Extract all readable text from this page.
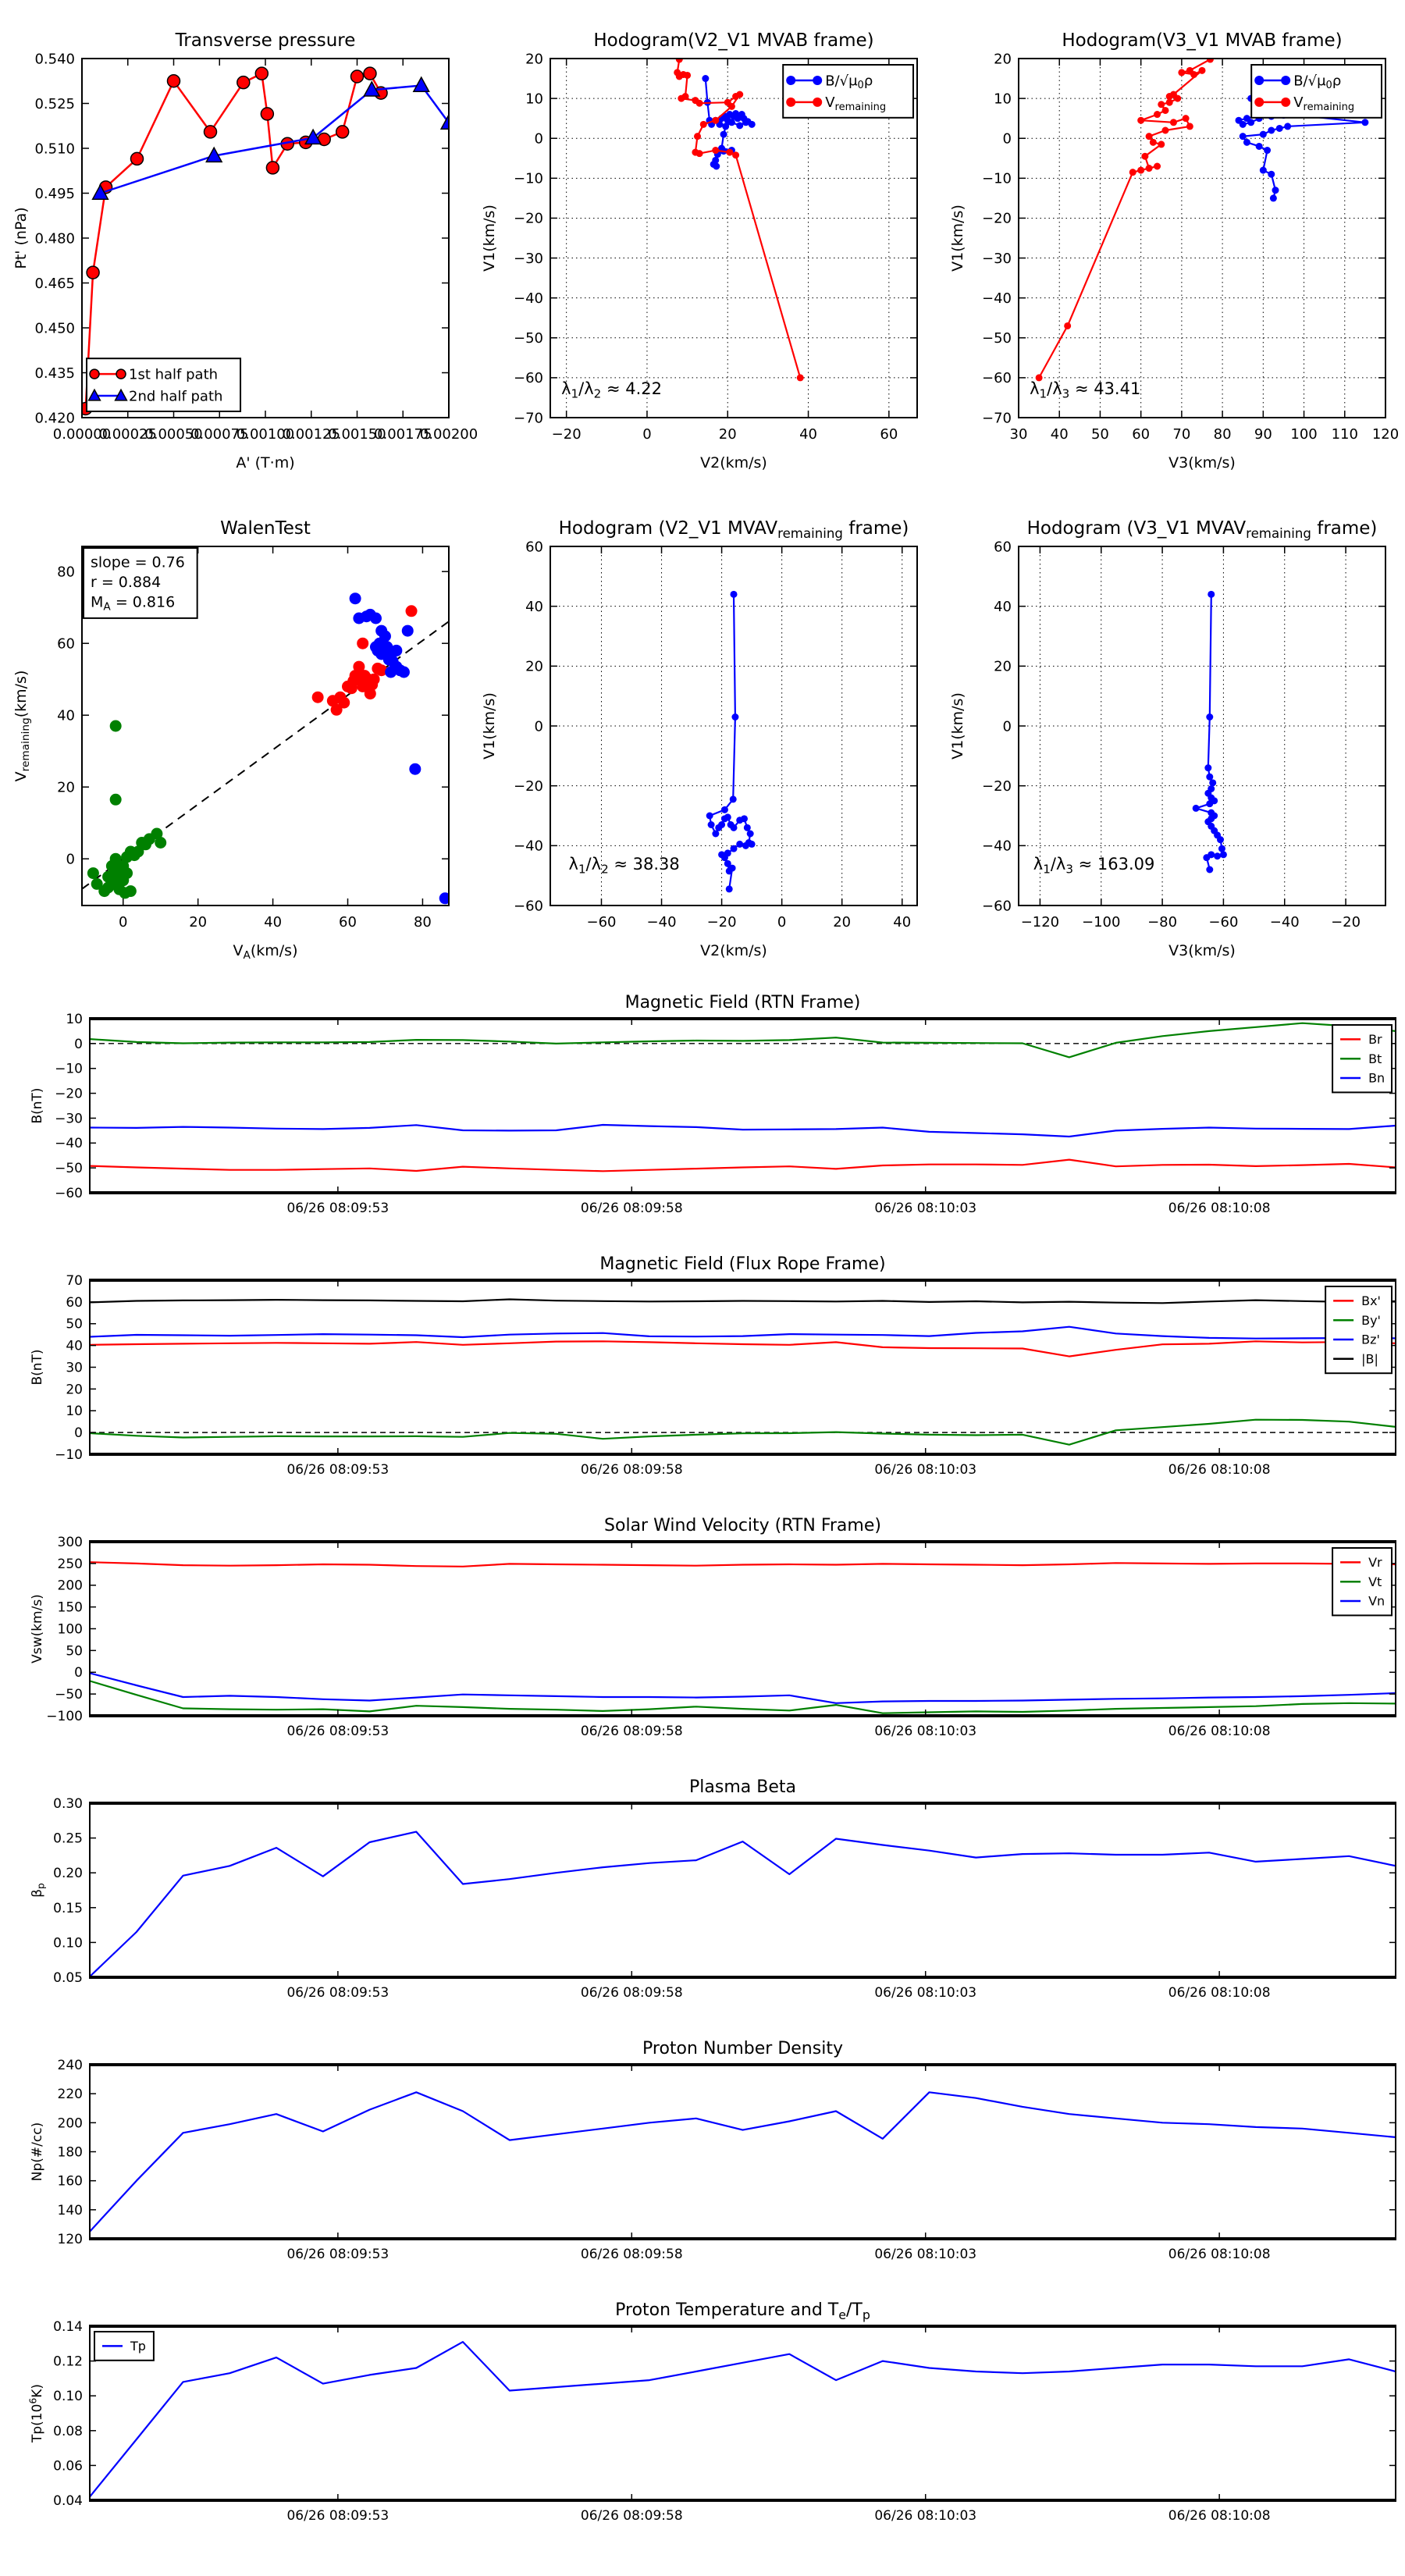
0.00000
0.00025
0.00050
0.00075
0.00100
0.00125
0.00150
0.00175
0.00200
0.420
0.435
0.450
0.465
0.480
0.495
0.510
0.525
0.540
Transverse pressure
A' (T·m)
Pt' (nPa)
1st half path
2nd half path
−20	0	20	40	60
20
10
0
−10
−20
−30
−40
−50
−60
−70
Hodogram(V2_V1 MVAB frame)
V2(km/s)
V1(km/s)
$B/√\mu_0\rho$
$V_{remaining}$
$\lambda_1/\lambda_2 \approx 4.22$
30 40 50 60 70 80 90 100 110 120
20
10
0
−10
−20
−30
−40
−50
−60
−70
Hodogram(V3_V1 MVAB frame)
V3(km/s)
V1(km/s)
$B/√\mu_0\rho$
$V_{remaining}$
$\lambda_1/\lambda_3 \approx 43.41$
0	20	40	60	80
0
20
40
60
80
WalenTest
$V_A(km/s)$
$V_{remaining}(km/s)$
slope = 0.76
r = 0.884
$M_A = 0.816$
−60 −40 −20	0	20	40
60
40
20
0
−20
−40
−60
Hodogram (V2_V1 $MVAV_{remaining}$ frame)
V2(km/s)
V1(km/s)
$\lambda_1/\lambda_2 \approx 38.38$
−120 −100 −80 −60 −40 −20
60
40
20
0
−20
−40
−60
Hodogram (V3_V1 $MVAV_{remaining}$ frame)
V3(km/s)
V1(km/s)
$\lambda_1/\lambda_3 \approx 163.09$
06/26 08:09:53	06/26 08:09:58	06/26 08:10:03	06/26 08:10:08
10
0
−10
−20
−30
−40
−50
−60
Magnetic Field (RTN Frame)
B(nT)
Br
Bt
Bn
06/26 08:09:53	06/26 08:09:58	06/26 08:10:03	06/26 08:10:08
70
60
50
40
30
20
10
0
−10
Magnetic Field (Flux Rope Frame)
B(nT)
Bx'
By'
Bz'
|B|
06/26 08:09:53	06/26 08:09:58	06/26 08:10:03	06/26 08:10:08
300
250
200
150
100
50
0
−50
−100
Solar Wind Velocity (RTN Frame)
Vsw(km/s)
Vr
Vt
Vn
06/26 08:09:53	06/26 08:09:58	06/26 08:10:03	06/26 08:10:08
0.30
0.25
0.20
0.15
0.10
0.05
Plasma Beta
$\beta_p$
06/26 08:09:53	06/26 08:09:58	06/26 08:10:03	06/26 08:10:08
240
220
200
180
160
140
120
Proton Number Density
Np(#/cc)
06/26 08:09:53	06/26 08:09:58	06/26 08:10:03	06/26 08:10:08
0.14
0.12
0.10
0.08
0.06
0.04
Proton Temperature and $T_e/T_p$
$Tp(10^6K)$
Tp
